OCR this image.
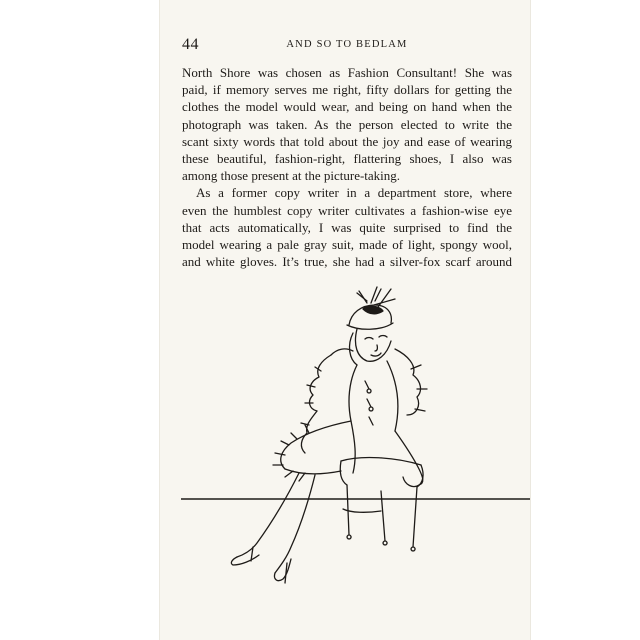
44	AND SO TO BEDLAM
North Shore was chosen as Fashion Consultant! She was
paid, if memory serves me right, fifty dollars for getting the
clothes the model would wear, and being on hand when the
photograph was taken. As the person elected to write the
scant sixty words that told about the joy and ease of wearing
these beautiful, fashion-right, flattering shoes, I also was
among those present at the picture-taking.
As a former copy writer in a department store, where
even the humblest copy writer cultivates a fashion-wise eye
that acts automatically, I was quite surprised to find the
model wearing a pale gray suit, made of light, spongy wool,
and white gloves. It’s true, she had a silver-fox scarf around
